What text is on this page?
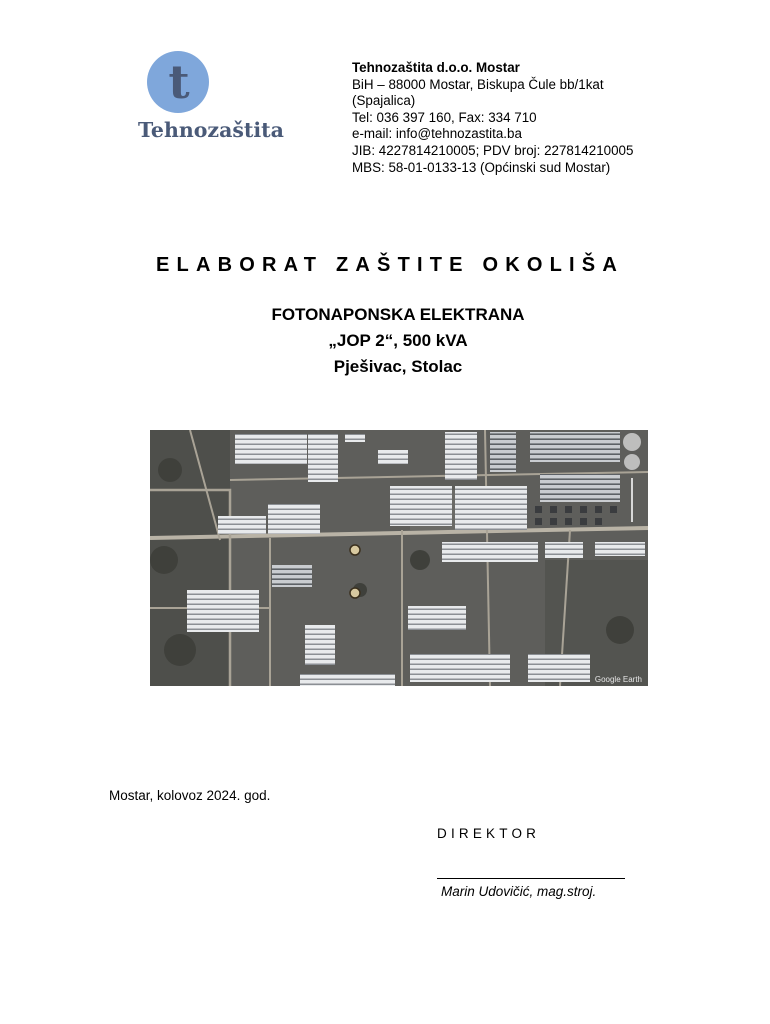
t
Tehnozaštita
Tehnozaštita d.o.o. Mostar
BiH – 88000 Mostar, Biskupa Čule bb/1kat
(Spajalica)
Tel: 036 397 160, Fax: 334 710
e-mail: info@tehnozastita.ba
JIB: 4227814210005; PDV broj: 227814210005
MBS: 58-01-0133-13 (Općinski sud Mostar)
ELABORAT ZAŠTITE OKOLIŠA
FOTONAPONSKA ELEKTRANA
„JOP 2“, 500 kVA
Pješivac, Stolac
Google Earth
Mostar, kolovoz 2024. god.
DIREKTOR
Marin Udovičić, mag.stroj.
